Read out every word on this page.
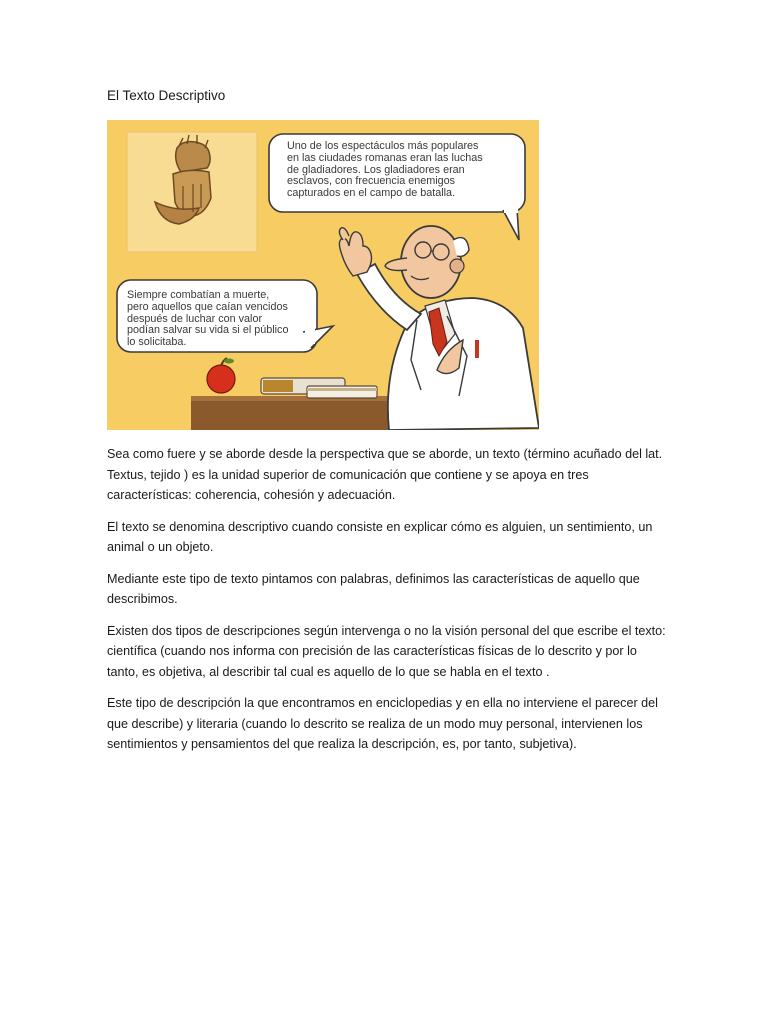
El Texto Descriptivo
Uno de los espectáculos más populares
en las ciudades romanas eran las luchas
de gladiadores. Los gladiadores eran
esclavos, con frecuencia enemigos
capturados en el campo de batalla.
Siempre combatían a muerte,
pero aquellos que caían vencidos
después de luchar con valor
podían salvar su vida si el público
lo solicitaba.

Sea como fuere y se aborde desde la perspectiva que se aborde, un texto (término acuñado del lat. Textus, tejido ) es la unidad superior de comunicación que contiene y se apoya en tres características: coherencia, cohesión y adecuación.

El texto se denomina descriptivo cuando consiste en explicar cómo es alguien, un sentimiento, un animal o un objeto.

Mediante este tipo de texto pintamos con palabras, definimos las características de aquello que describimos.

Existen dos tipos de descripciones según intervenga o no la visión personal del que escribe el texto: científica (cuando nos informa con precisión de las características físicas de lo descrito y por lo tanto, es objetiva, al describir tal cual es aquello de lo que se habla en el texto .

Este tipo de descripción la que encontramos en enciclopedias y en ella no interviene el parecer del que describe) y literaria (cuando lo descrito se realiza de un modo muy personal, intervienen los sentimientos y pensamientos del que realiza la descripción, es, por tanto, subjetiva).
